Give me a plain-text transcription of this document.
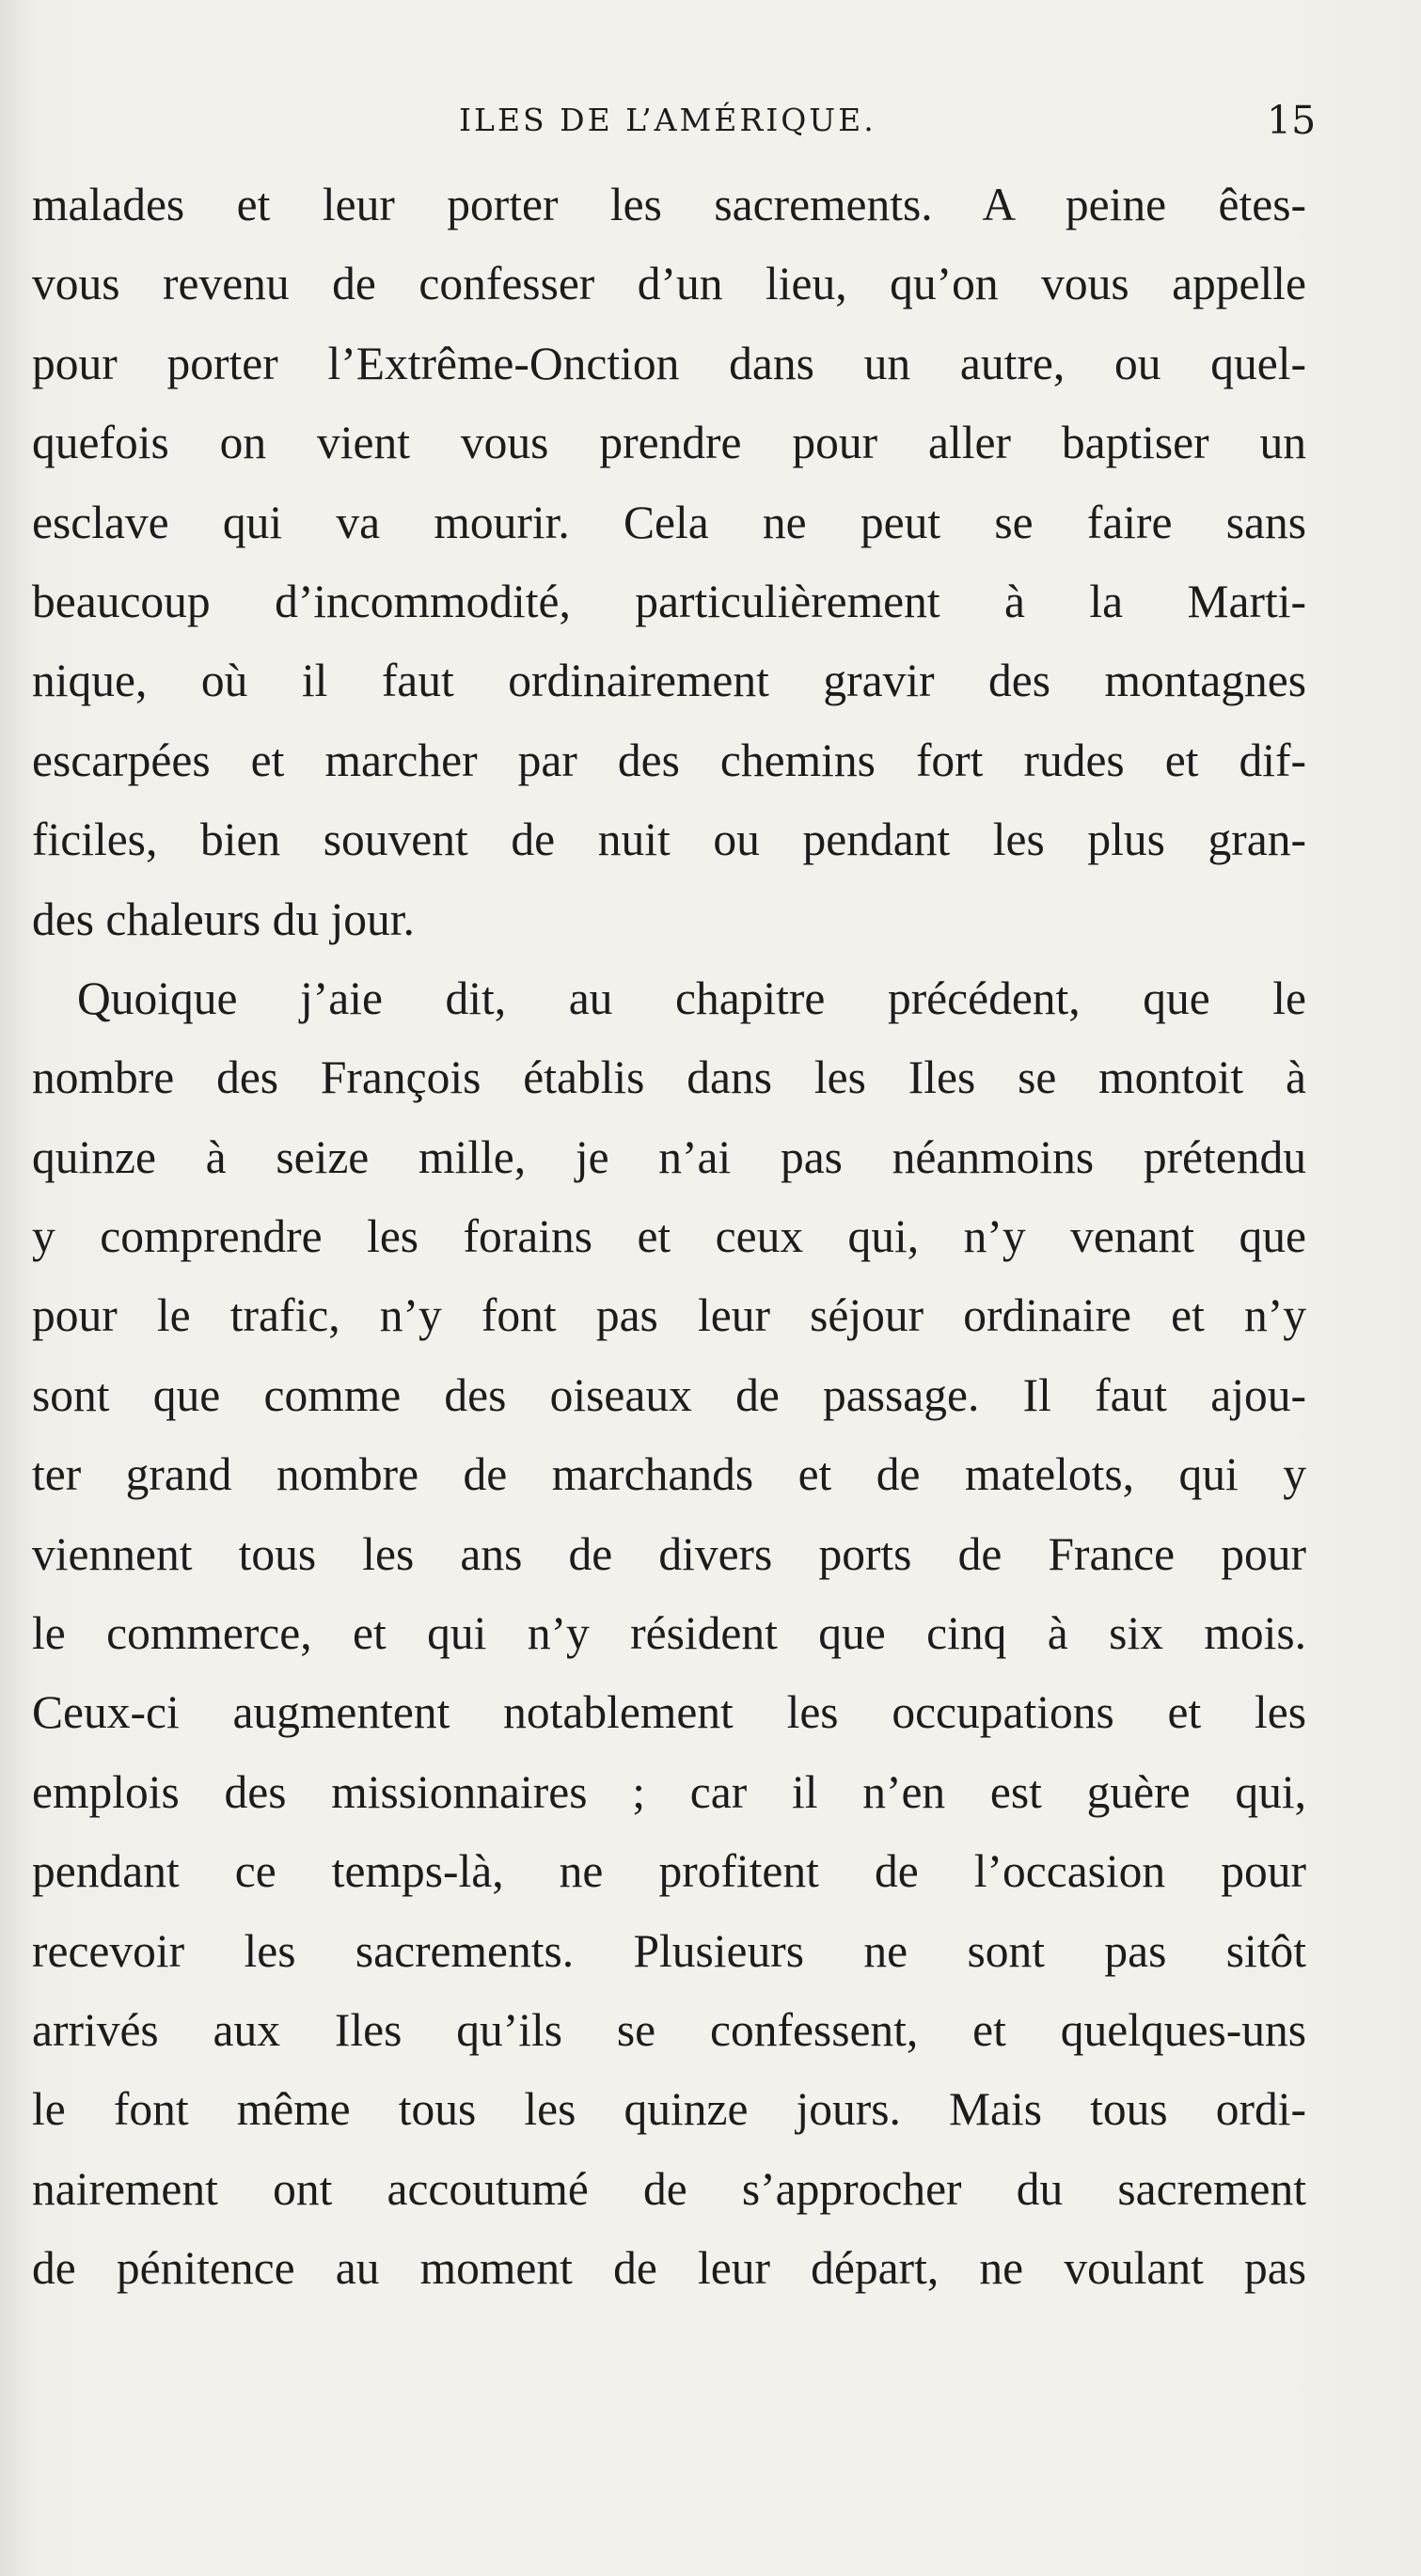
ILES DE L’AMÉRIQUE.	15
malades et leur porter les sacrements. A peine êtes-
vous revenu de confesser d’un lieu, qu’on vous appelle
pour porter l’Extrême-Onction dans un autre, ou quel-
quefois on vient vous prendre pour aller baptiser un
esclave qui va mourir. Cela ne peut se faire sans
beaucoup d’incommodité, particulièrement à la Marti-
nique, où il faut ordinairement gravir des montagnes
escarpées et marcher par des chemins fort rudes et dif-
ficiles, bien souvent de nuit ou pendant les plus gran-
des chaleurs du jour.
Quoique j’aie dit, au chapitre précédent, que le
nombre des François établis dans les Iles se montoit à
quinze à seize mille, je n’ai pas néanmoins prétendu
y comprendre les forains et ceux qui, n’y venant que
pour le trafic, n’y font pas leur séjour ordinaire et n’y
sont que comme des oiseaux de passage. Il faut ajou-
ter grand nombre de marchands et de matelots, qui y
viennent tous les ans de divers ports de France pour
le commerce, et qui n’y résident que cinq à six mois.
Ceux-ci augmentent notablement les occupations et les
emplois des missionnaires ; car il n’en est guère qui,
pendant ce temps-là, ne profitent de l’occasion pour
recevoir les sacrements. Plusieurs ne sont pas sitôt
arrivés aux Iles qu’ils se confessent, et quelques-uns
le font même tous les quinze jours. Mais tous ordi-
nairement ont accoutumé de s’approcher du sacrement
de pénitence au moment de leur départ, ne voulant pas
